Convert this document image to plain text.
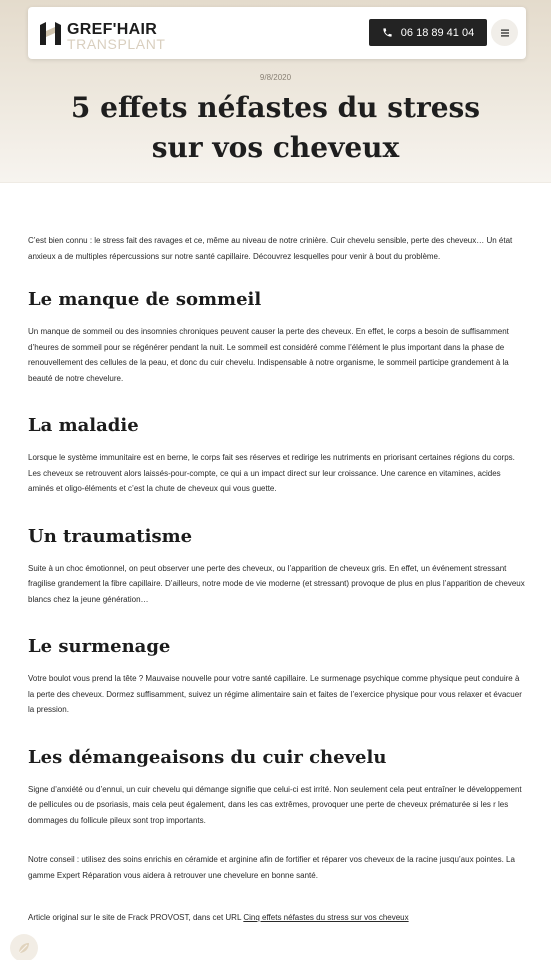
GREF'HAIR
TRANSPLANT
06 18 89 41 04
9/8/2020
5 effets néfastes du stress sur vos cheveux

C’est bien connu : le stress fait des ravages et ce, même au niveau de notre crinière. Cuir chevelu sensible, perte des cheveux… Un état anxieux a de multiples répercussions sur notre santé capillaire. Découvrez lesquelles pour venir à bout du problème.

Le manque de sommeil

Un manque de sommeil ou des insomnies chroniques peuvent causer la perte des cheveux. En effet, le corps a besoin de suffisamment d’heures de sommeil pour se régénérer pendant la nuit. Le sommeil est considéré comme l’élément le plus important dans la phase de renouvellement des cellules de la peau, et donc du cuir chevelu. Indispensable à notre organisme, le sommeil participe grandement à la beauté de notre chevelure.

La maladie

Lorsque le système immunitaire est en berne, le corps fait ses réserves et redirige les nutriments en priorisant certaines régions du corps. Les cheveux se retrouvent alors laissés-pour-compte, ce qui a un impact direct sur leur croissance. Une carence en vitamines, acides aminés et oligo-éléments et c’est la chute de cheveux qui vous guette.

Un traumatisme

Suite à un choc émotionnel, on peut observer une perte des cheveux, ou l’apparition de cheveux gris. En effet, un événement stressant fragilise grandement la fibre capillaire. D’ailleurs, notre mode de vie moderne (et stressant) provoque de plus en plus l’apparition de cheveux blancs chez la jeune génération…

Le surmenage

Votre boulot vous prend la tête ? Mauvaise nouvelle pour votre santé capillaire. Le surmenage psychique comme physique peut conduire à la perte des cheveux. Dormez suffisamment, suivez un régime alimentaire sain et faites de l’exercice physique pour vous relaxer et évacuer la pression.

Les démangeaisons du cuir chevelu

Signe d’anxiété ou d’ennui, un cuir chevelu qui démange signifie que celui-ci est irrité. Non seulement cela peut entraîner le développement de pellicules ou de psoriasis, mais cela peut également, dans les cas extrêmes, provoquer une perte de cheveux prématurée si les r les dommages du follicule pileux sont trop importants.

Notre conseil : utilisez des soins enrichis en céramide et arginine afin de fortifier et réparer vos cheveux de la racine jusqu’aux pointes. La gamme Expert Réparation vous aidera à retrouver une chevelure en bonne santé.

Article original sur le site de Frack PROVOST, dans cet URL Cinq effets néfastes du stress sur vos cheveux
